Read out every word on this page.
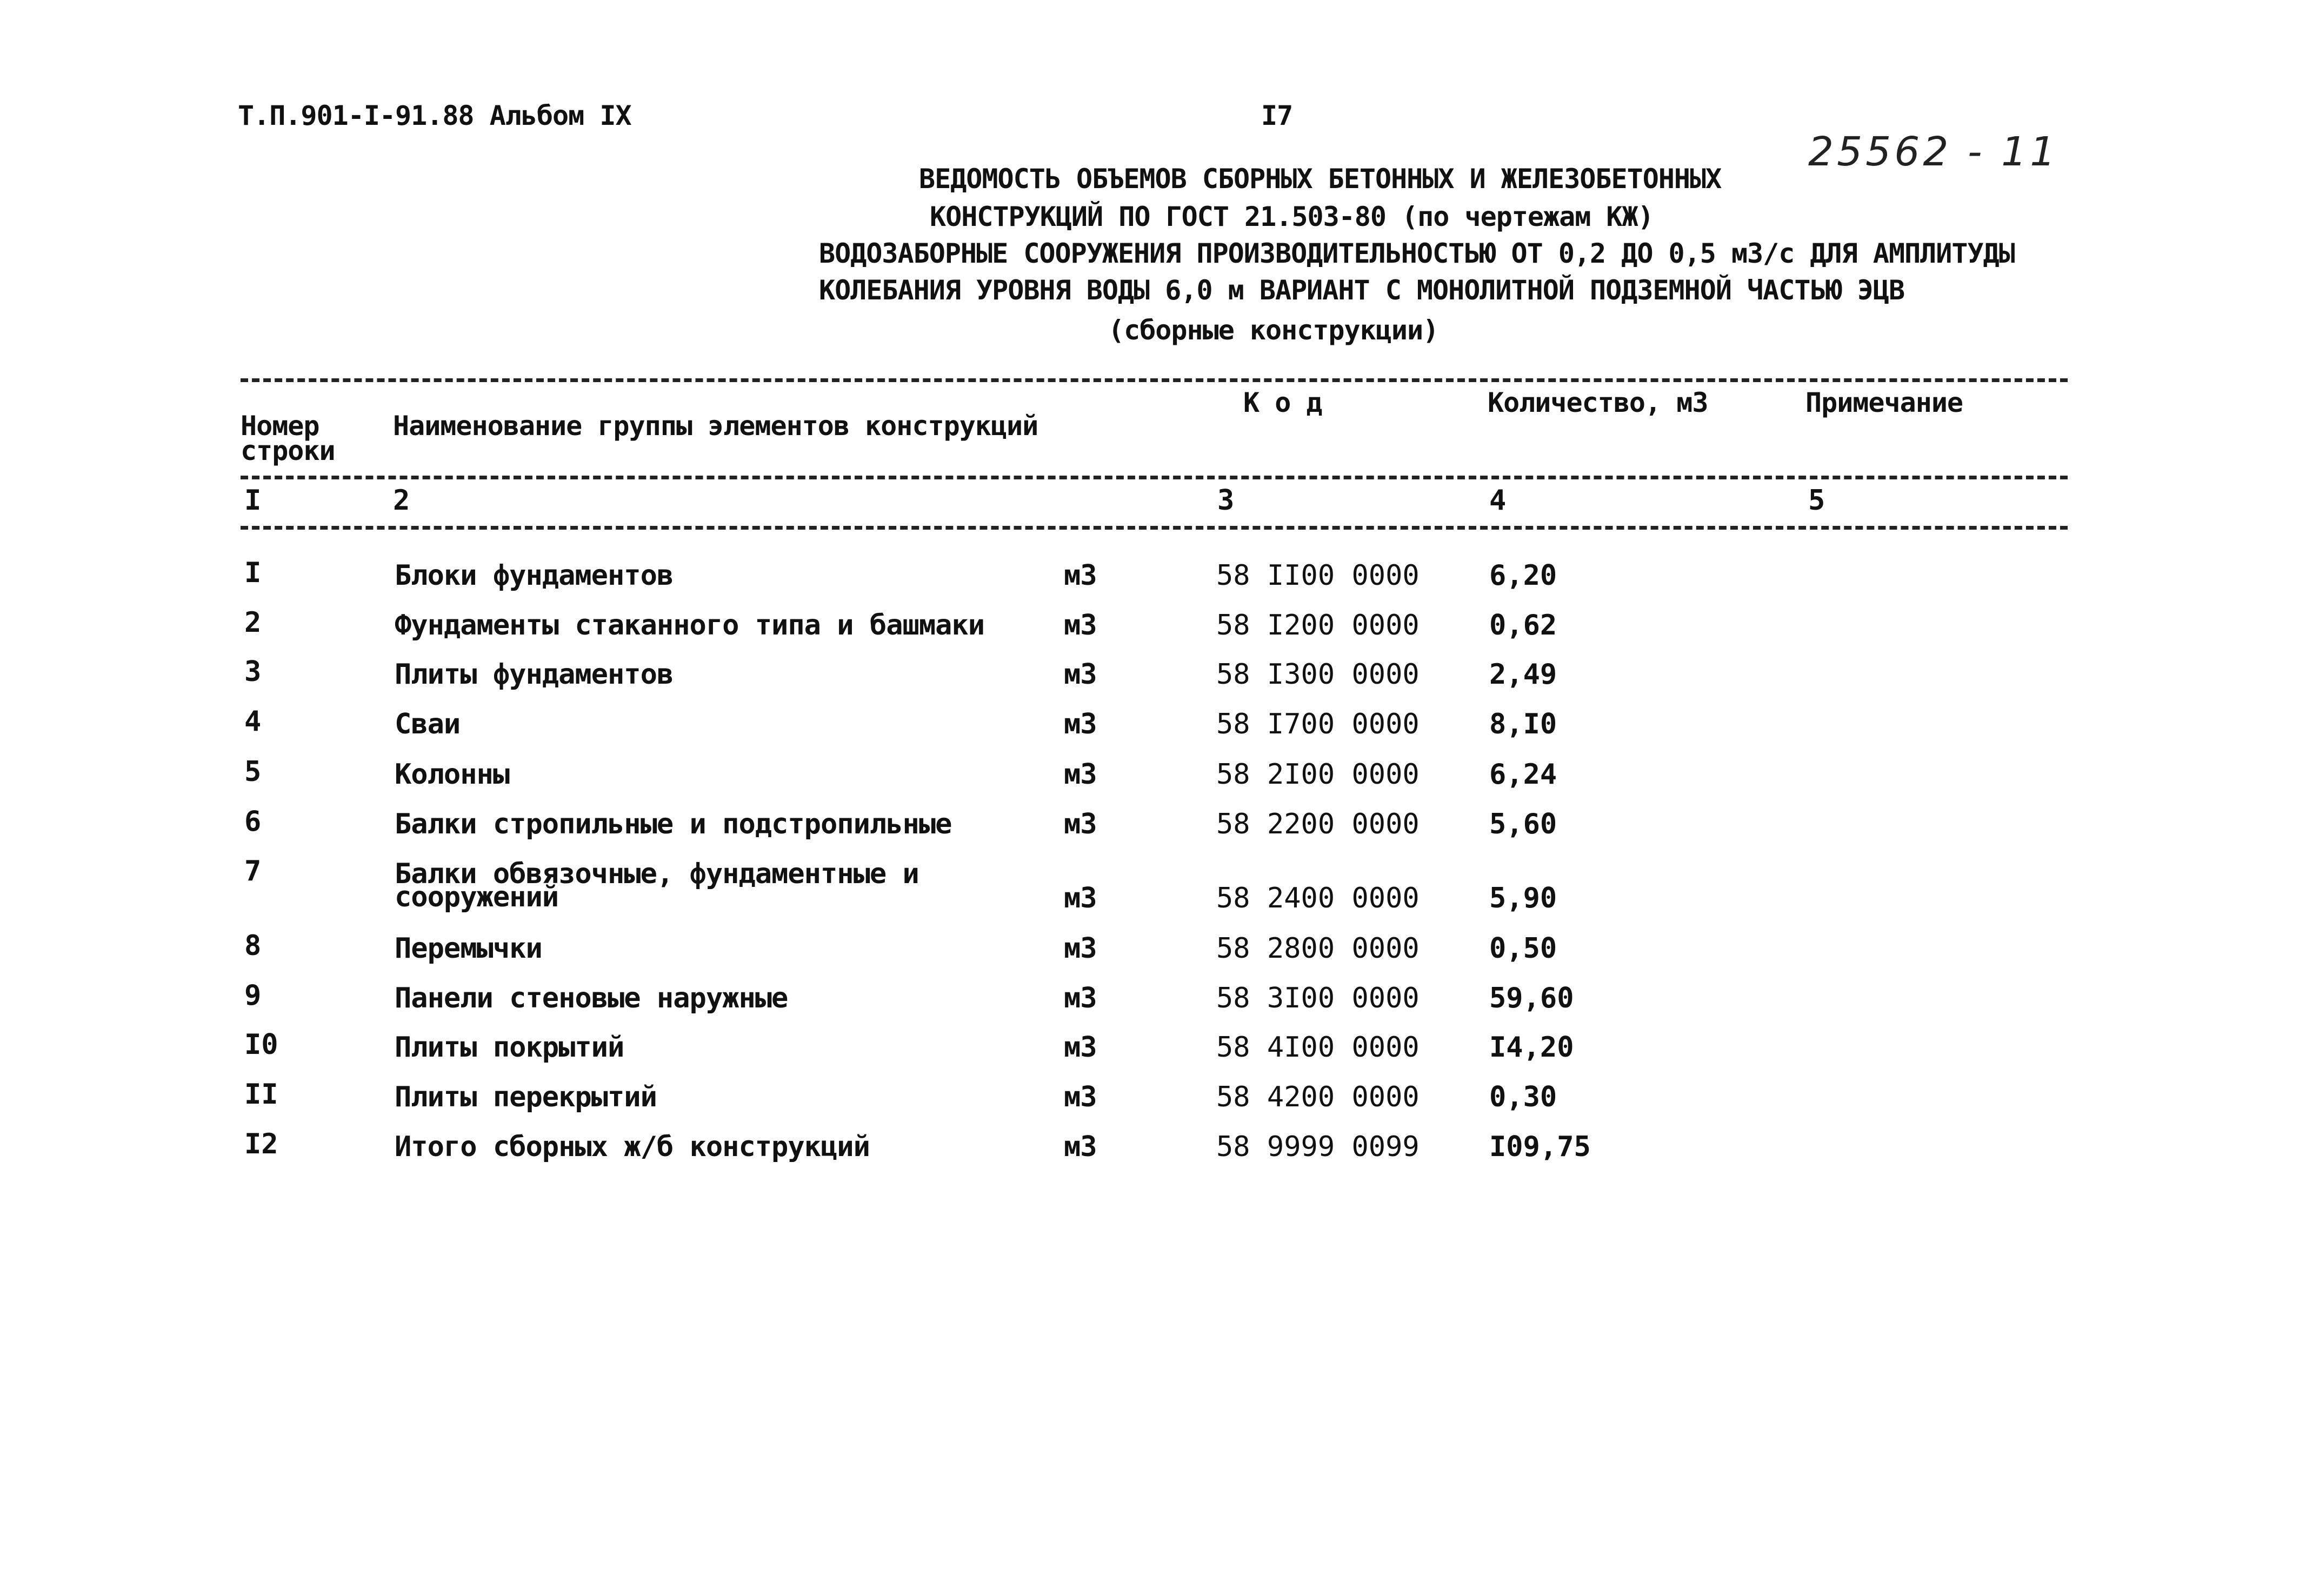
Т.П.901-I-91.88 Альбом IX	I7
25562 - 11
ВЕДОМОСТЬ ОБЪЕМОВ СБОРНЫХ БЕТОННЫХ И ЖЕЛЕЗОБЕТОННЫХ
КОНСТРУКЦИЙ ПО ГОСТ 21.503-80 (по чертежам КЖ)
ВОДОЗАБОРНЫЕ СООРУЖЕНИЯ ПРОИЗВОДИТЕЛЬНОСТЬЮ ОТ 0,2 ДО 0,5 м3/с ДЛЯ АМПЛИТУДЫ
КОЛЕБАНИЯ УРОВНЯ ВОДЫ 6,0 м ВАРИАНТ С МОНОЛИТНОЙ ПОДЗЕМНОЙ ЧАСТЬЮ ЭЦВ
(сборные конструкции)
Номер
строки
Наименование группы элементов конструкций
К о д	Количество, м3	Примечание
I	2	3	4	5
I	Блоки фундаментов	м3	58 II00 0000 6,20
2	Фундаменты стаканного типа и башмаки	м3	58 I200 0000 0,62
3	Плиты фундаментов	м3	58 I300 0000 2,49
4	Сваи	м3	58 I700 0000 8,I0
5	Колонны	м3	58 2I00 0000 6,24
6	Балки стропильные и подстропильные	м3	58 2200 0000 5,60
7	Балки обвязочные, фундаментные и
сооружений	м3	58 2400 0000 5,90
8	Перемычки	м3	58 2800 0000 0,50
9	Панели стеновые наружные	м3	58 3I00 0000 59,60
I0	Плиты покрытий	м3	58 4I00 0000 I4,20
II	Плиты перекрытий	м3	58 4200 0000 0,30
I2	Итого сборных ж/б конструкций	м3	58 9999 0099 I09,75
